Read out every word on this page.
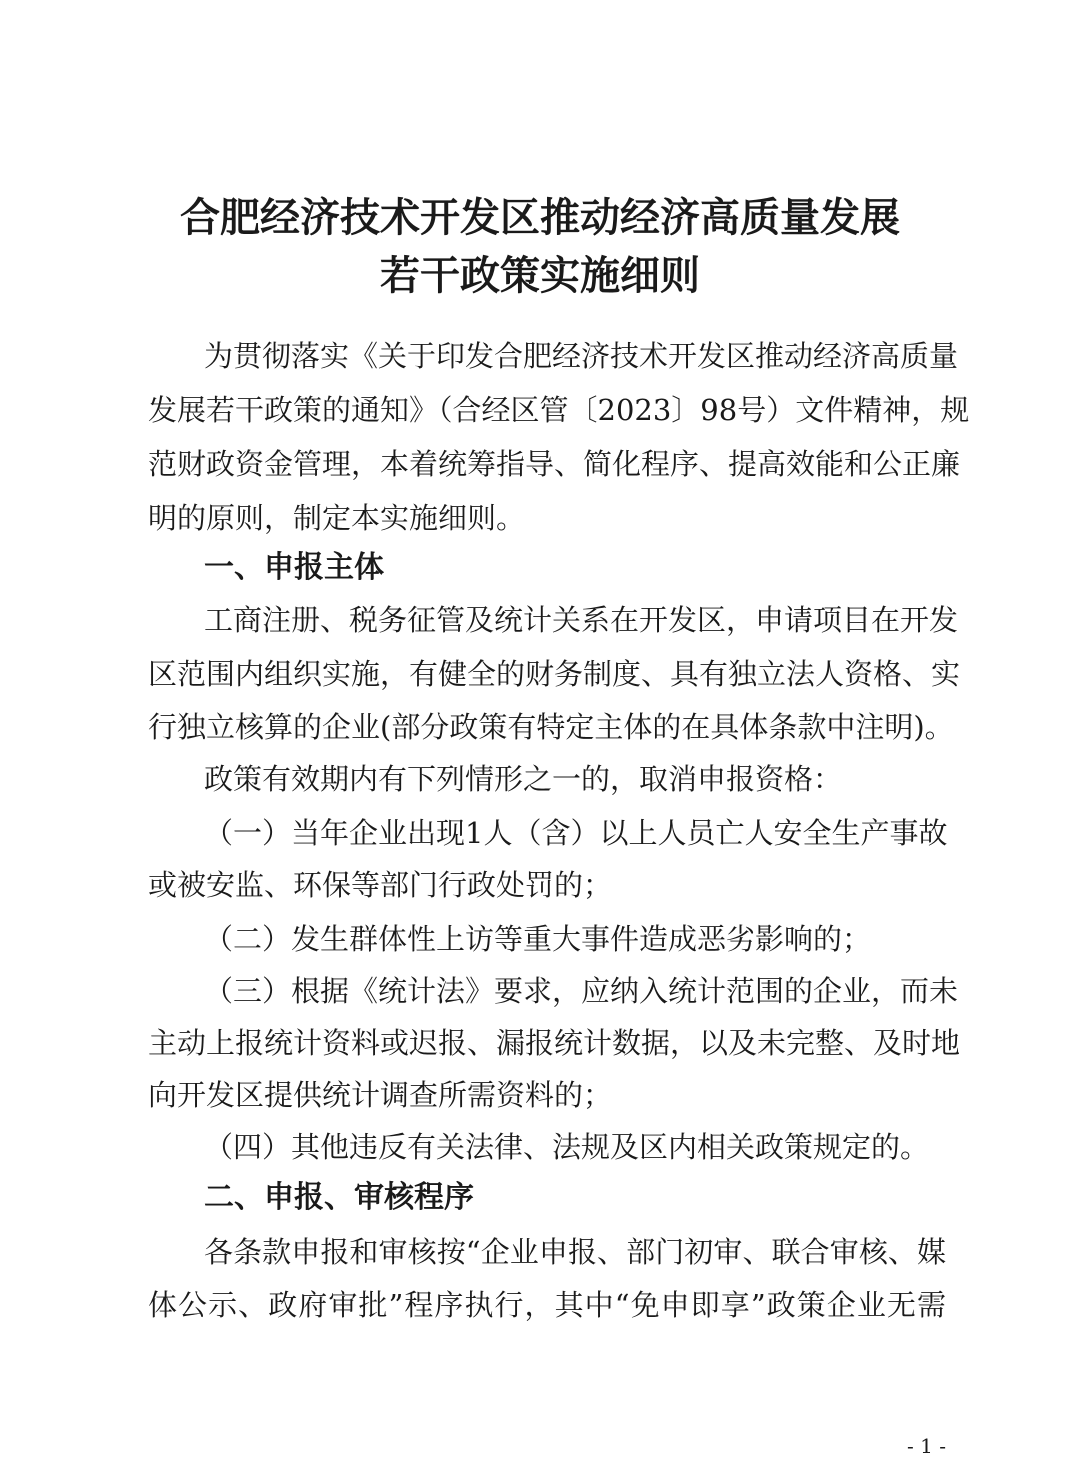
合肥经济技术开发区推动经济高质量发展
若干政策实施细则
为贯彻落实《关于印发合肥经济技术开发区推动经济高质量
发展若干政策的通知》（合经区管〔2023〕98号）文件精神，规
范财政资金管理，本着统筹指导、简化程序、提高效能和公正廉
明的原则，制定本实施细则。
一、申报主体
工商注册、税务征管及统计关系在开发区，申请项目在开发
区范围内组织实施，有健全的财务制度、具有独立法人资格、实
行独立核算的企业(部分政策有特定主体的在具体条款中注明)。
政策有效期内有下列情形之一的，取消申报资格：
（一）当年企业出现1人（含）以上人员亡人安全生产事故
或被安监、环保等部门行政处罚的；
（二）发生群体性上访等重大事件造成恶劣影响的；
（三）根据《统计法》要求，应纳入统计范围的企业，而未
主动上报统计资料或迟报、漏报统计数据，以及未完整、及时地
向开发区提供统计调查所需资料的；
（四）其他违反有关法律、法规及区内相关政策规定的。
二、申报、审核程序
各条款申报和审核按“企业申报、部门初审、联合审核、媒
体公示、政府审批”程序执行，其中“免申即享”政策企业无需
- 1 -
